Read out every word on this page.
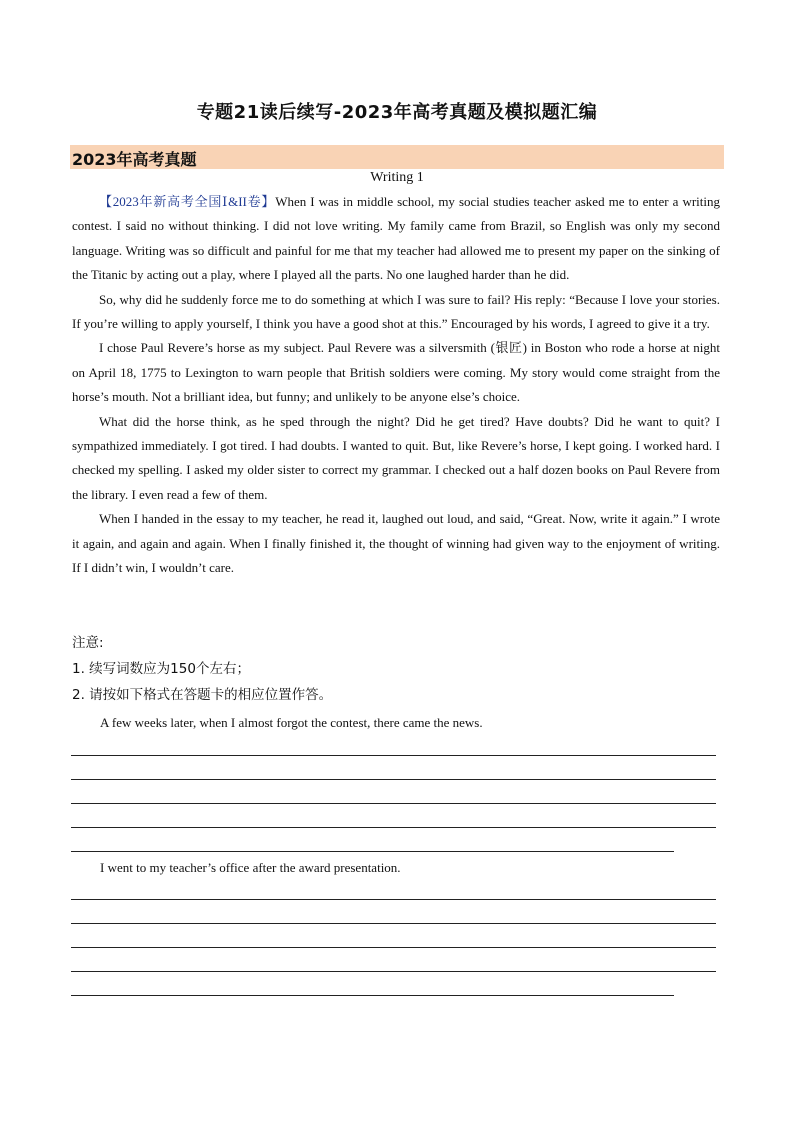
专题21读后续写-2023年高考真题及模拟题汇编
2023年高考真题

Writing 1

【2023年新高考全国Ⅰ&II卷】When I was in middle school, my social studies teacher asked me to enter a writing contest. I said no without thinking. I did not love writing. My family came from Brazil, so English was only my second language. Writing was so difficult and painful for me that my teacher had allowed me to present my paper on the sinking of the Titanic by acting out a play, where I played all the parts. No one laughed harder than he did.

So, why did he suddenly force me to do something at which I was sure to fail? His reply: “Because I love your stories. If you’re willing to apply yourself, I think you have a good shot at this.” Encouraged by his words, I agreed to give it a try.

I chose Paul Revere’s horse as my subject. Paul Revere was a silversmith (银匠) in Boston who rode a horse at night on April 18, 1775 to Lexington to warn people that British soldiers were coming. My story would come straight from the horse’s mouth. Not a brilliant idea, but funny; and unlikely to be anyone else’s choice.

What did the horse think, as he sped through the night? Did he get tired? Have doubts? Did he want to quit? I sympathized immediately. I got tired. I had doubts. I wanted to quit. But, like Revere’s horse, I kept going. I worked hard. I checked my spelling. I asked my older sister to correct my grammar. I checked out a half dozen books on Paul Revere from the library. I even read a few of them.

When I handed in the essay to my teacher, he read it, laughed out loud, and said, “Great. Now, write it again.” I wrote it again, and again and again. When I finally finished it, the thought of winning had given way to the enjoyment of writing. If I didn’t win, I wouldn’t care.

注意:

1. 续写词数应为150个左右；

2. 请按如下格式在答题卡的相应位置作答。

A few weeks later, when I almost forgot the contest, there came the news.

I went to my teacher’s office after the award presentation.
